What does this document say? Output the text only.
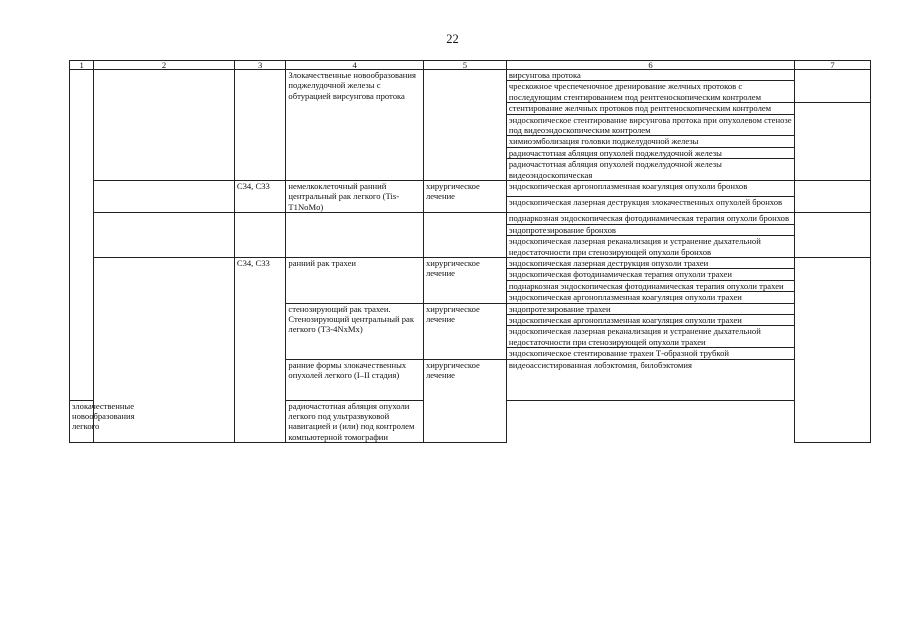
22
1	2	3	4	5	6	7
			Злокачественные новообразования поджелудочной железы с обтурацией вирсунгова протока		вирсунгова протока	
					чрескожное чреспеченочное дренирование желчных протоков с последующим стентированием под рентгеноскопическим контролем	
					стентирование желчных протоков под рентгеноскопическим контролем	
					эндоскопическое стентирование вирсунгова протока при опухолевом стенозе под видеоэндоскопическим контролем	
					химиоэмболизация головки поджелудочной железы	
					радиочастотная абляция опухолей поджелудочной железы	
					радиочастотная абляция опухолей поджелудочной железы видеоэндоскопическая	
		C34, C33	немелкоклеточный ранний центральный рак легкого (Tis-T1NoMo)	хирургическое лечение	эндоскопическая аргоноплазменная коагуляция опухоли бронхов	
					эндоскопическая лазерная деструкция злокачественных опухолей бронхов	
					поднаркозная эндоскопическая фотодинамическая терапия опухоли бронхов	
					эндопротезирование бронхов	
					эндоскопическая лазерная реканализация и устранение дыхательной недостаточности при стенозирующей опухоли бронхов	
		C34, C33	ранний рак трахеи	хирургическое лечение	эндоскопическая лазерная деструкция опухоли трахеи	
					эндоскопическая фотодинамическая терапия опухоли трахеи	
					поднаркозная эндоскопическая фотодинамическая терапия опухоли трахеи	
					эндоскопическая аргоноплазменная коагуляция опухоли трахеи	
			стенозирующий рак трахеи. Стенозирующий центральный рак легкого (T3-4NxMx)	хирургическое лечение	эндопротезирование трахеи	
					эндоскопическая аргоноплазменная коагуляция опухоли трахеи	
					эндоскопическая лазерная реканализация и устранение дыхательной недостаточности при стенозирующей опухоли трахеи	
					эндоскопическое стентирование трахеи Т-образной трубкой	
			ранние формы злокачественных опухолей легкого (I–II стадия)	хирургическое лечение	видеоассистированная лобэктомия, билобэктомия	
злокачественные новообразования легкого			радиочастотная абляция опухоли легкого под ультразвуковой навигацией и (или) под контролем компьютерной томографии			
